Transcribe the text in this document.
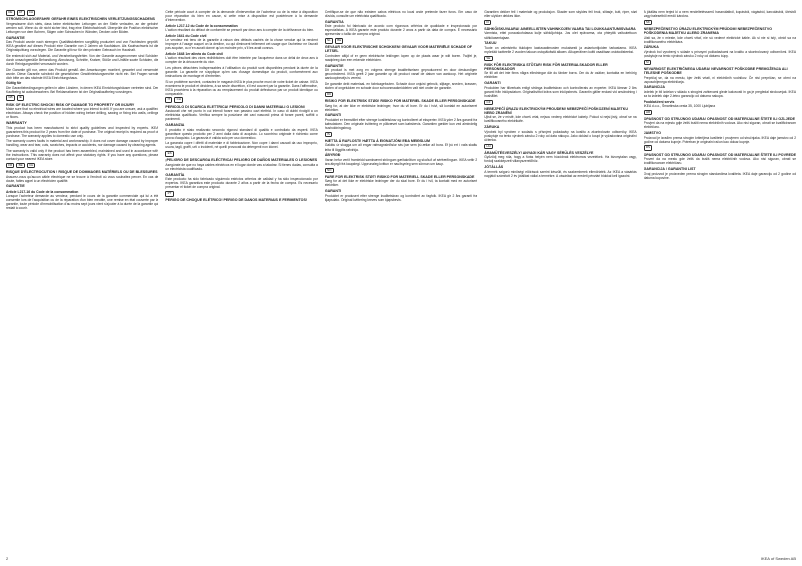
DE	AT	CH
STROMSCHLAGGEFAHR! GEFAHR EINES ELEKTRISCHEN VERLETZUNGSSCHADENS

Vergewissere dich stets, dass keine elektrischen Leitungen an der Stelle verlaufen, an der gebohrt werden soll. Wenn du dir nicht sicher bist, frag eine Elektrofachkraft. Überprüfe die Position elektrischer Leitungen vor dem Bohren, Sägen oder Schrauben in Wänden, Decken oder Böden.

GARANTIE

Das Produkt wurde nach strengen Qualitätskriterien sorgfältig produziert und von Fachleuten geprüft. IKEA gewährt auf dieses Produkt eine Garantie von 2 Jahren ab Kaufdatum. Als Kaufnachweis ist die Originalquittung vorzulegen. Die Garantie gilt nur für den privaten Gebrauch im Haushalt.

Sie erstreckt sich auf Material- und Verarbeitungsfehler. Von der Garantie ausgenommen sind Schäden durch unsachgemäße Behandlung, Abnutzung, Schnitte, Kratzer, Stöße und Unfälle sowie Schäden, die durch Reinigungsmittel verursacht wurden.

Die Garantie gilt nur, wenn das Produkt gemäß den Anweisungen montiert, gewartet und verwendet wurde. Diese Garantie schränkt die gesetzlichen Gewährleistungsrechte nicht ein. Bei Fragen wende dich bitte an das nächste IKEA Einrichtungshaus.

Gültig für

Die Garantiebedingungen gelten in allen Ländern, in denen IKEA Einrichtungshäuser vertreten sind. Der Kaufbeleg ist aufzubewahren. Bei Reklamationen ist der Originalkaufbeleg vorzulegen.

GB	IE
RISK OF ELECTRIC SHOCK! RISK OF DAMAGE TO PROPERTY OR INJURY

Make sure that no electrical wires are located where you intend to drill. If you are unsure, ask a qualified electrician. Always check the position of hidden wiring before drilling, sawing or fixing into walls, ceilings or floors.

WARRANTY

This product has been manufactured to strict quality guidelines and inspected by experts. IKEA guarantees this product for 2 years from the date of purchase. The original receipt is required as proof of purchase. The warranty applies to domestic use only.

The warranty covers faults in material and workmanship. It does not cover damage caused by improper handling, wear and tear, cuts, scratches, impacts or accidents, nor damage caused by cleaning agents.

The warranty is valid only if the product has been assembled, maintained and used in accordance with the instructions. This warranty does not affect your statutory rights. If you have any questions, please contact your nearest IKEA store.

FR	BE	CH
RISQUE D'ÉLECTROCUTION ! RISQUE DE DOMMAGES MATÉRIELS OU DE BLESSURES

Assurez-vous qu'aucun câble électrique ne se trouve à l'endroit où vous souhaitez percer. En cas de doute, faites appel à un électricien qualifié.

GARANTIE
Article L217-16 du Code de la consommation

Lorsque l'acheteur demande au vendeur, pendant le cours de la garantie commerciale qui lui a été consentie lors de l'acquisition ou de la réparation d'un bien meuble, une remise en état couverte par la garantie, toute période d'immobilisation d'au moins sept jours vient s'ajouter à la durée de la garantie qui restait à courir.

Cette période court à compter de la demande d'intervention de l'acheteur ou de la mise à disposition pour réparation du bien en cause, si cette mise à disposition est postérieure à la demande d'intervention.

Article L217-12 du Code de la consommation

L'action résultant du défaut de conformité se prescrit par deux ans à compter de la délivrance du bien.

Article 1641 du Code civil

Le vendeur est tenu de la garantie à raison des défauts cachés de la chose vendue qui la rendent impropre à l'usage auquel on la destine, ou qui diminuent tellement cet usage que l'acheteur ne l'aurait pas acquise, ou n'en aurait donné qu'un moindre prix, s'il les avait connus.

Article 1648 1er alinéa du Code civil

L'action résultant des vices rédhibitoires doit être intentée par l'acquéreur dans un délai de deux ans à compter de la découverte du vice.

Les pièces détachées indispensables à l'utilisation du produit sont disponibles pendant la durée de la garantie. La garantie ne s'applique qu'en cas d'usage domestique du produit, conformément aux instructions de montage et d'entretien.

Si un problème survient, contactez le magasin IKEA le plus proche muni de votre ticket de caisse. IKEA examinera le produit et décidera, à sa seule discrétion, s'il est couvert par la garantie. Dans l'affirmative, IKEA procédera à la réparation ou au remplacement du produit défectueux par un produit identique ou comparable.

IT	CH
PERICOLO DI SCARICA ELETTRICA! PERICOLO DI DANNI MATERIALI O LESIONI

Assicurati che nel punto in cui intendi forare non passino cavi elettrici. In caso di dubbi rivolgiti a un elettricista qualificato. Verifica sempre la posizione dei cavi nascosti prima di forare pareti, soffitti o pavimenti.

GARANZIA

Il prodotto è stato realizzato secondo rigorosi standard di qualità e controllato da esperti. IKEA garantisce questo prodotto per 2 anni dalla data di acquisto. Lo scontrino originale è richiesto come prova d'acquisto. La garanzia è valida solo per uso domestico.

La garanzia copre i difetti di materiale e di fabbricazione. Non copre i danni causati da uso improprio, usura, tagli, graffi, urti o incidenti, né quelli provocati da detergenti non idonei.

ES
¡PELIGRO DE DESCARGA ELÉCTRICA! PELIGRO DE DAÑOS MATERIALES O LESIONES

Asegúrate de que no haya cables eléctricos en el lugar donde vas a taladrar. Si tienes dudas, consulta a un electricista cualificado.

GARANTÍA

Este producto ha sido fabricado siguiendo estrictos criterios de calidad y ha sido inspeccionado por expertos. IKEA garantiza este producto durante 2 años a partir de la fecha de compra. Es necesario presentar el ticket de compra original.

PT
PERIGO DE CHOQUE ELÉTRICO! PERIGO DE DANOS MATERIAIS E FERIMENTOS!

Certifique-se de que não existem cabos elétricos no local onde pretende fazer furos. Em caso de dúvida, consulte um eletricista qualificado.

GARANTIA

Este produto foi fabricado de acordo com rigorosos critérios de qualidade e inspecionado por especialistas. A IKEA garante este produto durante 2 anos a partir da data de compra. É necessário apresentar o talão de compra original.

NL	BE
GEVAAR VOOR ELEKTRISCHE SCHOKKEN! GEVAAR VOOR MATERIËLE SCHADE OF LETSEL

Controleer altijd of er geen elektrische leidingen lopen op de plaats waar je wilt boren. Twijfel je, raadpleeg dan een erkende elektricien.

GARANTIE

Dit product is met zorg en volgens strenge kwaliteitseisen geproduceerd en door deskundigen gecontroleerd. IKEA geeft 2 jaar garantie op dit product vanaf de datum van aankoop. Het originele aankoopbewijs is vereist.

De garantie dekt materiaal- en fabricagefouten. Schade door onjuist gebruik, slijtage, sneden, krassen, stoten of ongelukken en schade door schoonmaakmiddelen valt niet onder de garantie.

DK
RISIKO FOR ELEKTRISK STØD! RISIKO FOR MATERIEL SKADE ELLER PERSONSKADE

Sørg for, at der ikke er elektriske ledninger, hvor du vil bore. Er du i tvivl, så kontakt en autoriseret elektriker.

GARANTI

Produktet er fremstillet efter strenge kvalitetskrav og kontrolleret af eksperter. IKEA yder 2 års garanti fra købsdatoen. Den originale kvittering er påkrævet som købsbevis. Garantien gælder kun ved almindelig husholdningsbrug.

IS
HÆTTA Á RAFLOSTI! HÆTTA Á EIGNATJÓNI EÐA MEIÐSLUM

Gakktu úr skugga um að engar rafmagnsleiðslur séu þar sem þú ætlar að bora. Ef þú ert í vafa skaltu leita til löggilts rafvirkja.

ÁBYRGÐ

Varan hefur verið framleidd samkvæmt ströngum gæðakröfum og skoðuð af sérfræðingum. IKEA veitir 2 ára ábyrgð frá kaupdegi. Upprunaleg kvittun er nauðsynleg sem sönnun um kaup.

NO
FARE FOR ELEKTRISK STØT! RISIKO FOR MATERIELL SKADE ELLER PERSONSKADE

Sørg for at det ikke er elektriske ledninger der du skal bore. Er du i tvil, ta kontakt med en autorisert elektriker.

GARANTI

Produktet er produsert etter strenge kvalitetskrav og kontrollert av fagfolk. IKEA gir 2 års garanti fra kjøpsdato. Original kvittering kreves som kjøpsbevis.

Garantien dekker feil i materiale og produksjon. Skader som skyldes feil bruk, slitasje, kutt, riper, støt eller ulykker dekkes ikke.

FI
SÄHKÖISKUVAARA! AINEELLISTEN VAHINKOJEN VAARA TAI LOUKKAANTUMISVAARA

Varmista, ettei porauskohdassa kulje sähköjohtoja. Jos olet epävarma, ota yhteyttä valtuutettuun sähköasentajaan.

TAKUU

Tuote on valmistettu tiukkojen laatuvaatimusten mukaisesti ja asiantuntijoiden tarkastama. IKEA myöntää tuotteelle 2 vuoden takuun ostopäivästä alkaen. Alkuperäinen kuitti vaaditaan ostotodisteeksi.

SE
RISK FÖR ELEKTRISKA STÖTAR! RISK FÖR MATERIALSKADOR ELLER PERSONSKADOR

Se till att det inte finns några elledningar där du tänker borra. Om du är osäker, kontakta en behörig elektriker.

GARANTI

Produkten har tillverkats enligt stränga kvalitetskrav och kontrollerats av experter. IKEA lämnar 2 års garanti från inköpsdatum. Originalkvittot krävs som inköpsbevis. Garantin gäller endast vid användning i hushållet.

CZ
NEBEZPEČÍ ÚRAZU ELEKTRICKÝM PROUDEM! NEBEZPEČÍ POŠKOZENÍ MAJETKU NEBO ZRANĚNÍ

Ujisti se, že v místě, kde chceš vrtat, nejsou vedeny elektrické kabely. Pokud si nejsi jistý, obrať se na kvalifikovaného elektrikáře.

ZÁRUKA

Výrobek byl vyroben v souladu s přísnými požadavky na kvalitu a zkontrolován odborníky. IKEA poskytuje na tento výrobek záruku 2 roky od data nákupu. Jako doklad o koupi je vyžadována originální účtenka.

HU
ÁRAMÜTÉSVESZÉLY! ANYAGI KÁR VAGY SÉRÜLÉS VESZÉLYE

Győződj meg róla, hogy a fúrás helyén nem húzódnak elektromos vezetékek. Ha bizonytalan vagy, fordulj szakképzett villanyszerelőhöz.

JÓTÁLLÁS

A termék szigorú minőségi előírások szerint készült, és szakemberek ellenőrizték. Az IKEA a vásárlás napjától számított 2 év jótállást vállal a termékre. A vásárlást az eredeti pénztári blokkal kell igazolni.

A jótállás nem terjed ki a nem rendeltetésszerű használatból, kopásból, vágásból, karcolásból, ütésből vagy balesetből eredő károkra.

SK
NEBEZPEČENSTVO ÚRAZU ELEKTRICKÝM PRÚDOM! NEBEZPEČENSTVO POŠKODENIA MAJETKU ALEBO ZRANENIA

Uisti sa, že v mieste, kde chceš vŕtať, nie sú vedené elektrické káble. Ak si nie si istý, obráť sa na kvalifikovaného elektrikára.

ZÁRUKA

Výrobok bol vyrobený v súlade s prísnymi požiadavkami na kvalitu a skontrolovaný odborníkmi. IKEA poskytuje na tento výrobok záruku 2 roky od dátumu kúpy.

SI
NEVARNOST ELEKTRIČNEGA UDARA! NEVARNOST POŠKODBE PREMOŽENJA ALI TELESNE POŠKODBE

Prepričaj se, da na mestu, kjer želiš vrtati, ni električnih vodnikov. Če nisi prepričan, se obrni na usposobljenega električarja.

GARANCIJA

Izdelek je bil izdelan v skladu s strogimi zahtevami glede kakovosti in ga je pregledal strokovnjak. IKEA za ta izdelek daje 2-letno garancijo od datuma nakupa.

Pooblaščeni servis

IKEA d.o.o., Šmartinska cesta 35, 1000 Ljubljana

HR
OPASNOST OD STRUJNOG UDARA! OPASNOST OD MATERIJALNE ŠTETE ILI OZLJEDE

Provjeri da na mjestu gdje želiš bušiti nema električnih vodova. Ako nisi siguran, obrati se kvalificiranom električaru.

JAMSTVO

Proizvod je izrađen prema strogim kriterijima kvalitete i provjeren od stručnjaka. IKEA daje jamstvo od 2 godine od datuma kupnje. Potreban je originalni račun kao dokaz kupnje.

RS
OPASNOST OD STRUJNOG UDARA! OPASNOST OD MATERIJALNE ŠTETE ILI POVREDE

Proveri da na mestu gde želiš da bušiš nema električnih vodova. Ako nisi siguran, obrati se kvalifikovanom električaru.

GARANCIJA / GARANTNI LIST

Ovaj proizvod je proizveden prema strogim standardima kvaliteta. IKEA daje garanciju od 2 godine od datuma kupovine.

2	IKEA of Sweden AB
